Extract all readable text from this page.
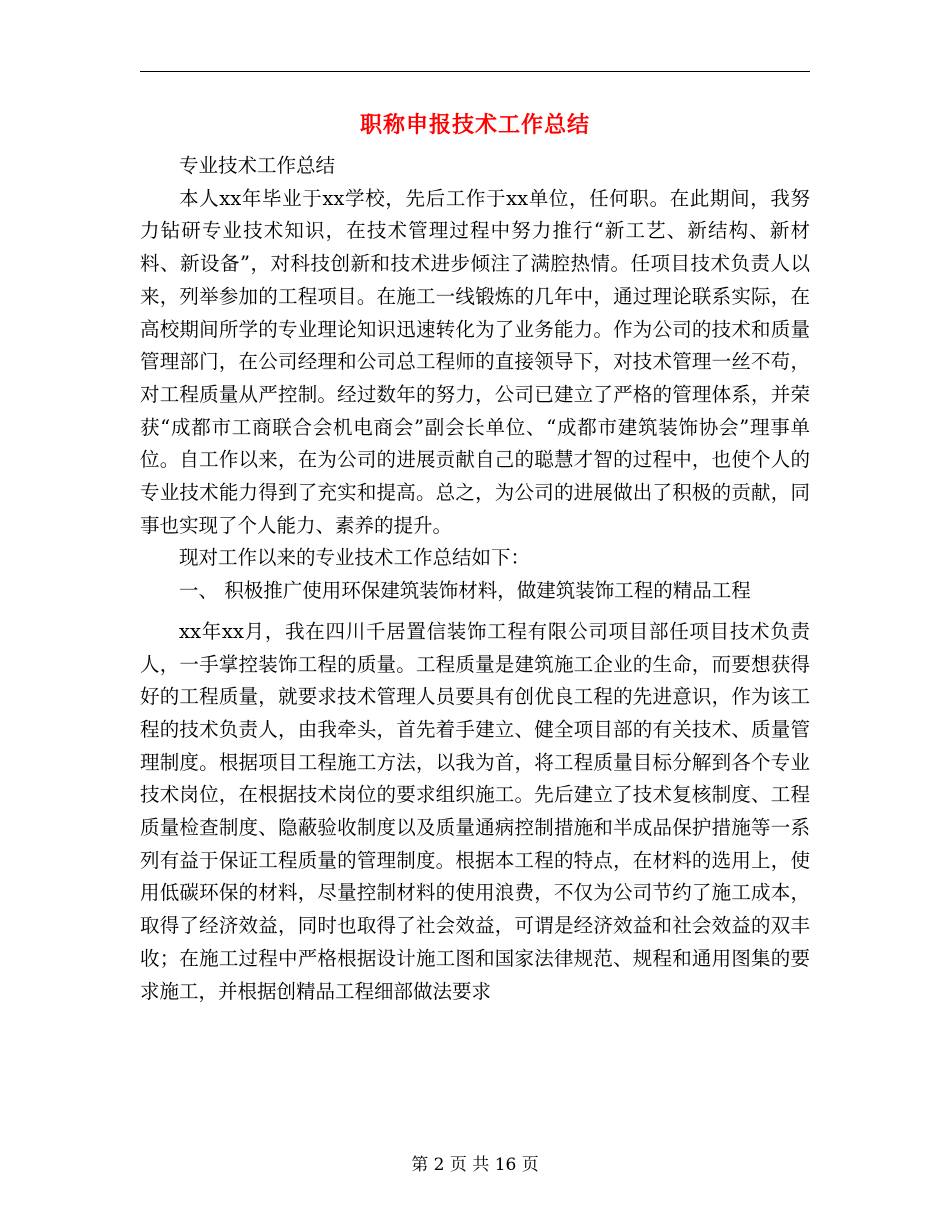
职称申报技术工作总结

专业技术工作总结

本人xx年毕业于xx学校，先后工作于xx单位，任何职。在此期间，我努力钻研专业技术知识，在技术管理过程中努力推行“新工艺、新结构、新材料、新设备”，对科技创新和技术进步倾注了满腔热情。任项目技术负责人以来，列举参加的工程项目。在施工一线锻炼的几年中，通过理论联系实际，在高校期间所学的专业理论知识迅速转化为了业务能力。作为公司的技术和质量管理部门，在公司经理和公司总工程师的直接领导下，对技术管理一丝不苟，对工程质量从严控制。经过数年的努力，公司已建立了严格的管理体系，并荣获“成都市工商联合会机电商会”副会长单位、“成都市建筑装饰协会”理事单位。自工作以来，在为公司的进展贡献自己的聪慧才智的过程中，也使个人的专业技术能力得到了充实和提高。总之，为公司的进展做出了积极的贡献，同事也实现了个人能力、素养的提升。

现对工作以来的专业技术工作总结如下：

一、 积极推广使用环保建筑装饰材料，做建筑装饰工程的精品工程

xx年xx月，我在四川千居置信装饰工程有限公司项目部任项目技术负责人，一手掌控装饰工程的质量。工程质量是建筑施工企业的生命，而要想获得好的工程质量，就要求技术管理人员要具有创优良工程的先进意识，作为该工程的技术负责人，由我牵头，首先着手建立、健全项目部的有关技术、质量管理制度。根据项目工程施工方法，以我为首，将工程质量目标分解到各个专业技术岗位，在根据技术岗位的要求组织施工。先后建立了技术复核制度、工程质量检查制度、隐蔽验收制度以及质量通病控制措施和半成品保护措施等一系列有益于保证工程质量的管理制度。根据本工程的特点，在材料的选用上，使用低碳环保的材料，尽量控制材料的使用浪费，不仅为公司节约了施工成本，取得了经济效益，同时也取得了社会效益，可谓是经济效益和社会效益的双丰收；在施工过程中严格根据设计施工图和国家法律规范、规程和通用图集的要求施工，并根据创精品工程细部做法要求

第 2 页 共 16 页
